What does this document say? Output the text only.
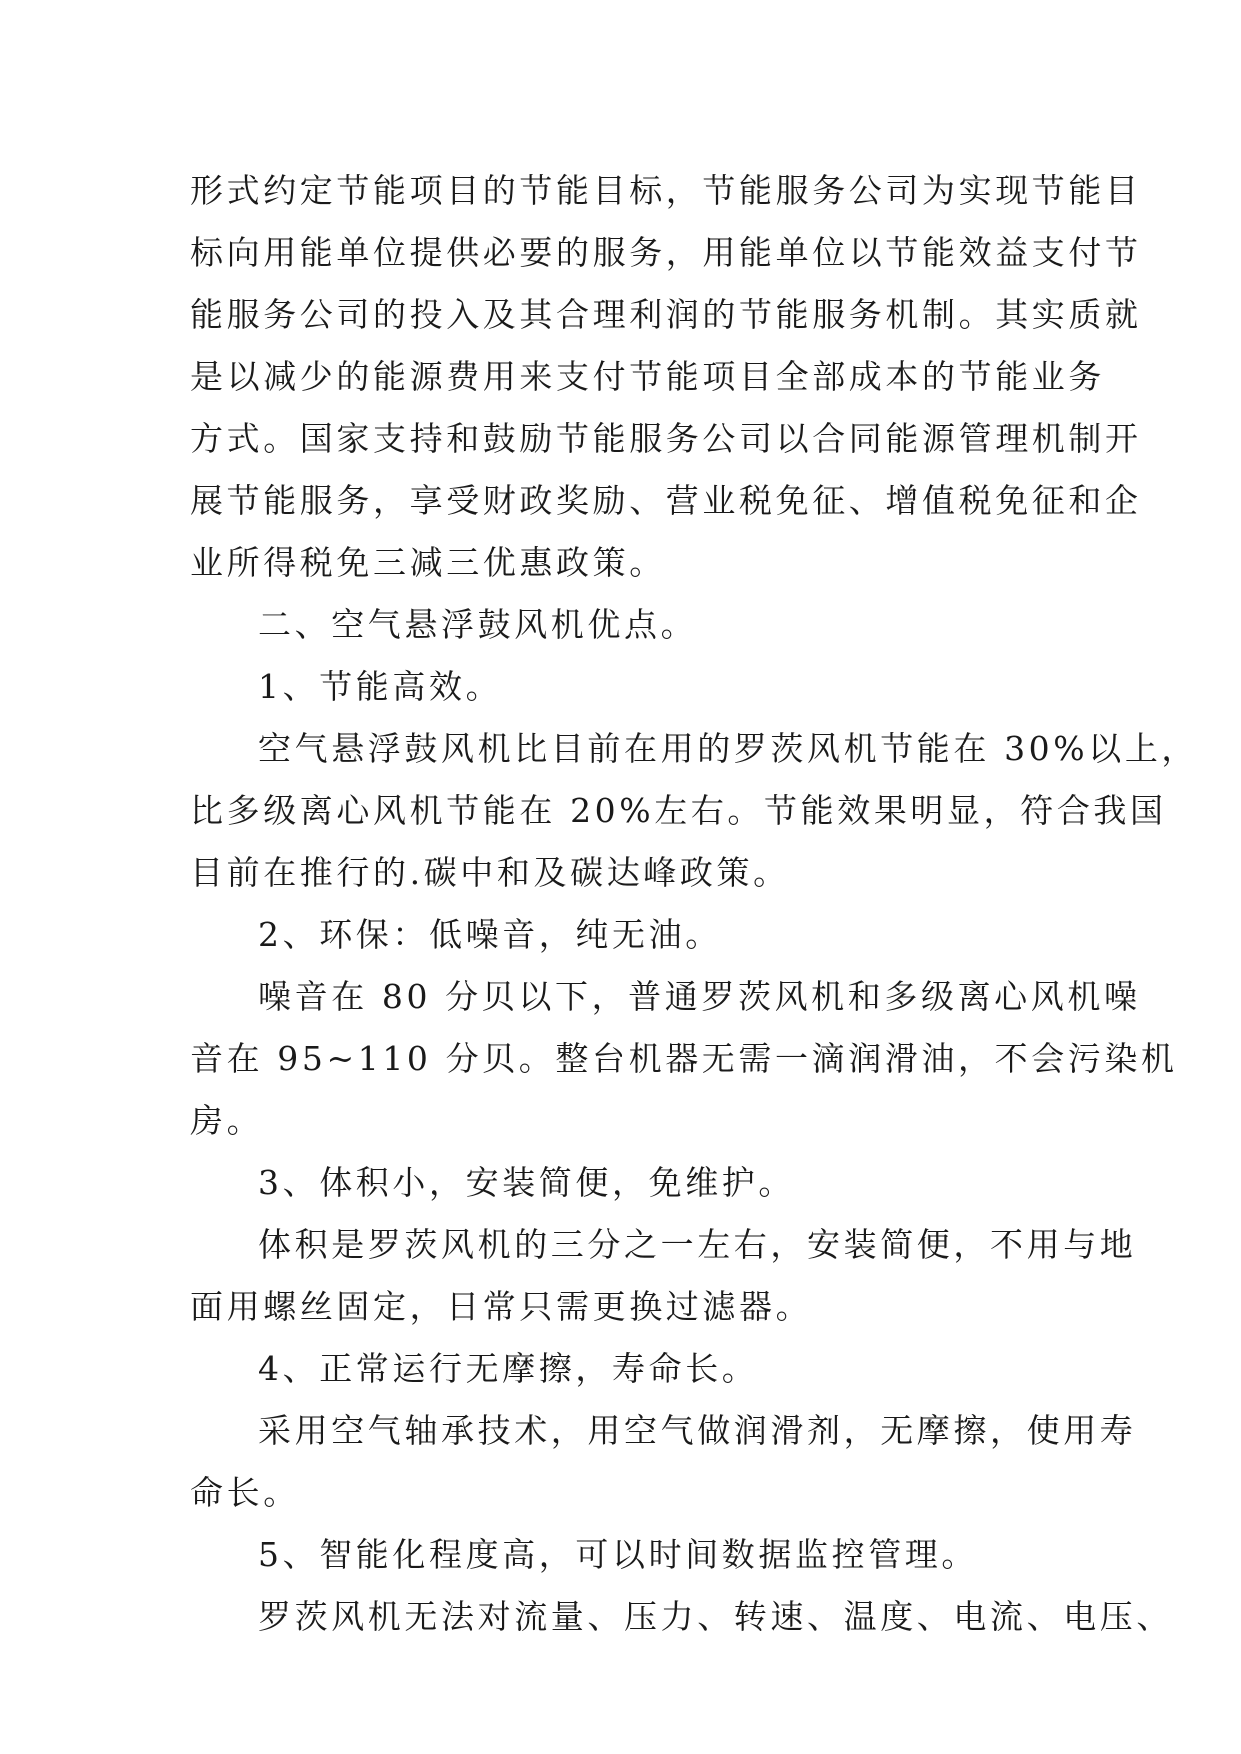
形式约定节能项目的节能目标，节能服务公司为实现节能目
标向用能单位提供必要的服务，用能单位以节能效益支付节
能服务公司的投入及其合理利润的节能服务机制。其实质就
是以减少的能源费用来支付节能项目全部成本的节能业务
方式。国家支持和鼓励节能服务公司以合同能源管理机制开
展节能服务，享受财政奖励、营业税免征、增值税免征和企
业所得税免三减三优惠政策。
二、空气悬浮鼓风机优点。
1、节能高效。
空气悬浮鼓风机比目前在用的罗茨风机节能在 30%以上，
比多级离心风机节能在 20%左右。节能效果明显，符合我国
目前在推行的.碳中和及碳达峰政策。
2、环保：低噪音，纯无油。
噪音在 80 分贝以下，普通罗茨风机和多级离心风机噪
音在 95~110 分贝。整台机器无需一滴润滑油，不会污染机
房。
3、体积小，安装简便，免维护。
体积是罗茨风机的三分之一左右，安装简便，不用与地
面用螺丝固定，日常只需更换过滤器。
4、正常运行无摩擦，寿命长。
采用空气轴承技术，用空气做润滑剂，无摩擦，使用寿
命长。
5、智能化程度高，可以时间数据监控管理。
罗茨风机无法对流量、压力、转速、温度、电流、电压、
